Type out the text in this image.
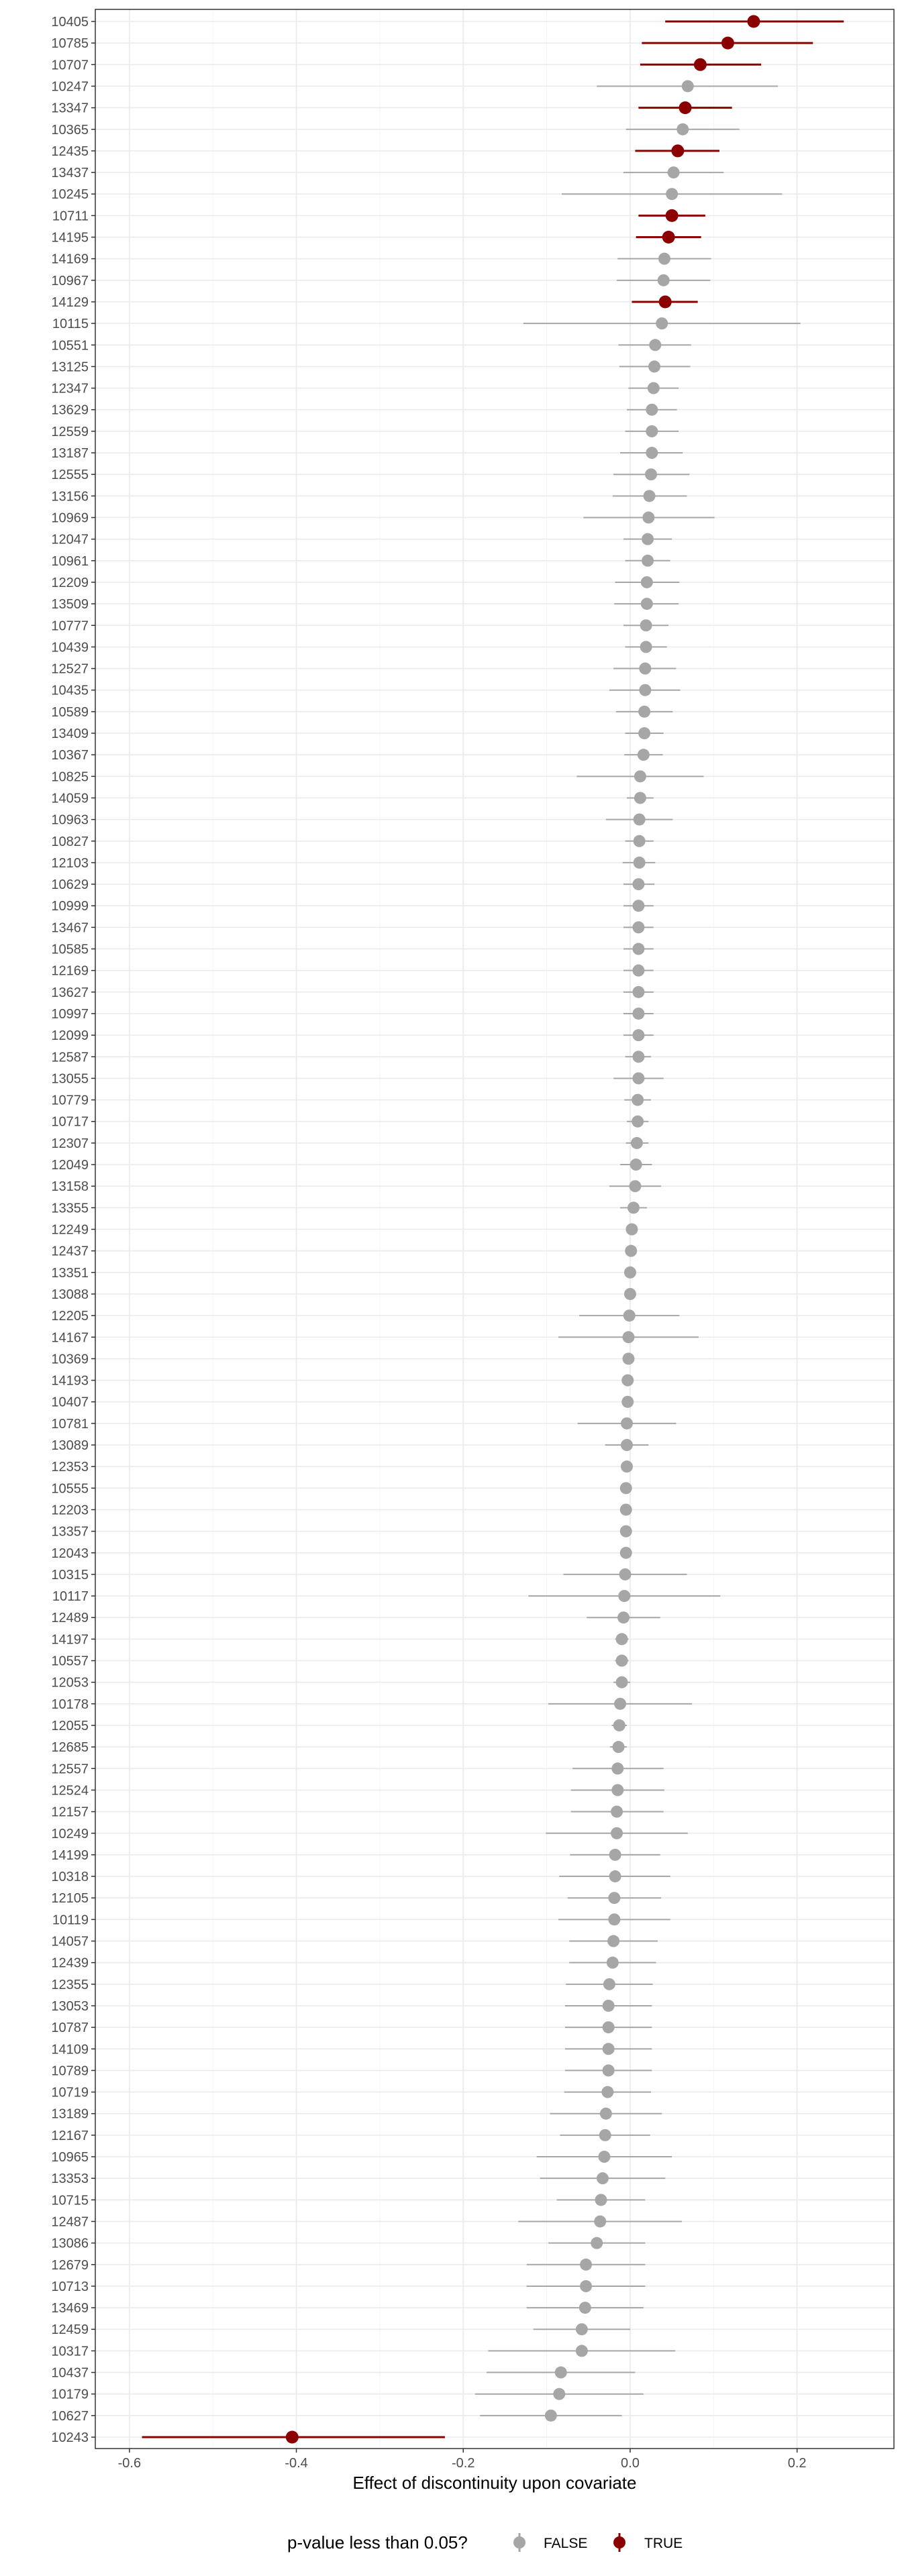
10405
10785
10707
10247
13347
10365
12435
13437
10245
10711
14195
14169
10967
14129
10115
10551
13125
12347
13629
12559
13187
12555
13156
10969
12047
10961
12209
13509
10777
10439
12527
10435
10589
13409
10367
10825
14059
10963
10827
12103
10629
10999
13467
10585
12169
13627
10997
12099
12587
13055
10779
10717
12307
12049
13158
13355
12249
12437
13351
13088
12205
14167
10369
14193
10407
10781
13089
12353
10555
12203
13357
12043
10315
10117
12489
14197
10557
12053
10178
12055
12685
12557
12524
12157
10249
14199
10318
12105
10119
14057
12439
12355
13053
10787
14109
10789
10719
13189
12167
10965
13353
10715
12487
13086
12679
10713
13469
12459
10317
10437
10179
10627
10243
-0.6	-0.4	-0.2	0.0	0.2
Effect of discontinuity upon covariate
p-value less than 0.05?	FALSE	TRUE
